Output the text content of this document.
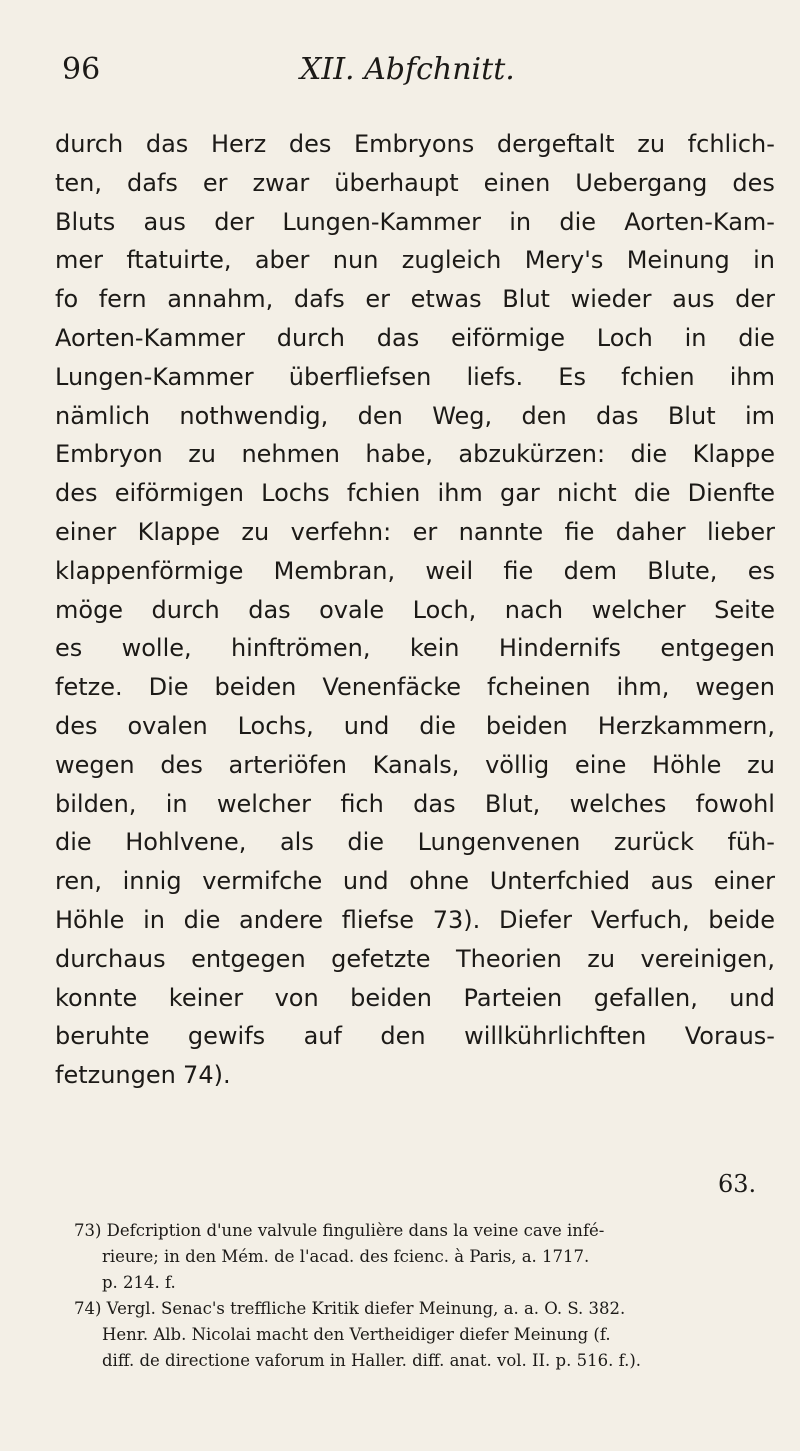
96	XII. Abfchnitt.
durch das Herz des Embryons dergeftalt zu fchlich-
ten, dafs er zwar überhaupt einen Uebergang des
Bluts aus der Lungen-Kammer in die Aorten-Kam-
mer ftatuirte, aber nun zugleich Mery's Meinung in
fo fern annahm, dafs er etwas Blut wieder aus der
Aorten-Kammer durch das eiförmige Loch in die
Lungen-Kammer überfliefsen liefs. Es fchien ihm
nämlich nothwendig, den Weg, den das Blut im
Embryon zu nehmen habe, abzukürzen: die Klappe
des eiförmigen Lochs fchien ihm gar nicht die Dienfte
einer Klappe zu verfehn: er nannte fie daher lieber
klappenförmige Membran, weil fie dem Blute, es
möge durch das ovale Loch, nach welcher Seite
es wolle, hinftrömen, kein Hindernifs entgegen
fetze. Die beiden Venenfäcke fcheinen ihm, wegen
des ovalen Lochs, und die beiden Herzkammern,
wegen des arteriöfen Kanals, völlig eine Höhle zu
bilden, in welcher fich das Blut, welches fowohl
die Hohlvene, als die Lungenvenen zurück füh-
ren, innig vermifche und ohne Unterfchied aus einer
Höhle in die andere fliefse 73). Diefer Verfuch, beide
durchaus entgegen gefetzte Theorien zu vereinigen,
konnte keiner von beiden Parteien gefallen, und
beruhte gewifs auf den willkührlichften Voraus-
fetzungen 74).
63.
73) Defcription d'une valvule fingulière dans la veine cave infé-
rieure; in den Mém. de l'acad. des fcienc. à Paris, a. 1717.
p. 214. f.
74) Vergl. Senac's treffliche Kritik diefer Meinung, a. a. O. S. 382.
Henr. Alb. Nicolai macht den Vertheidiger diefer Meinung (f.
diff. de directione vaforum in Haller. diff. anat. vol. II. p. 516. f.).
